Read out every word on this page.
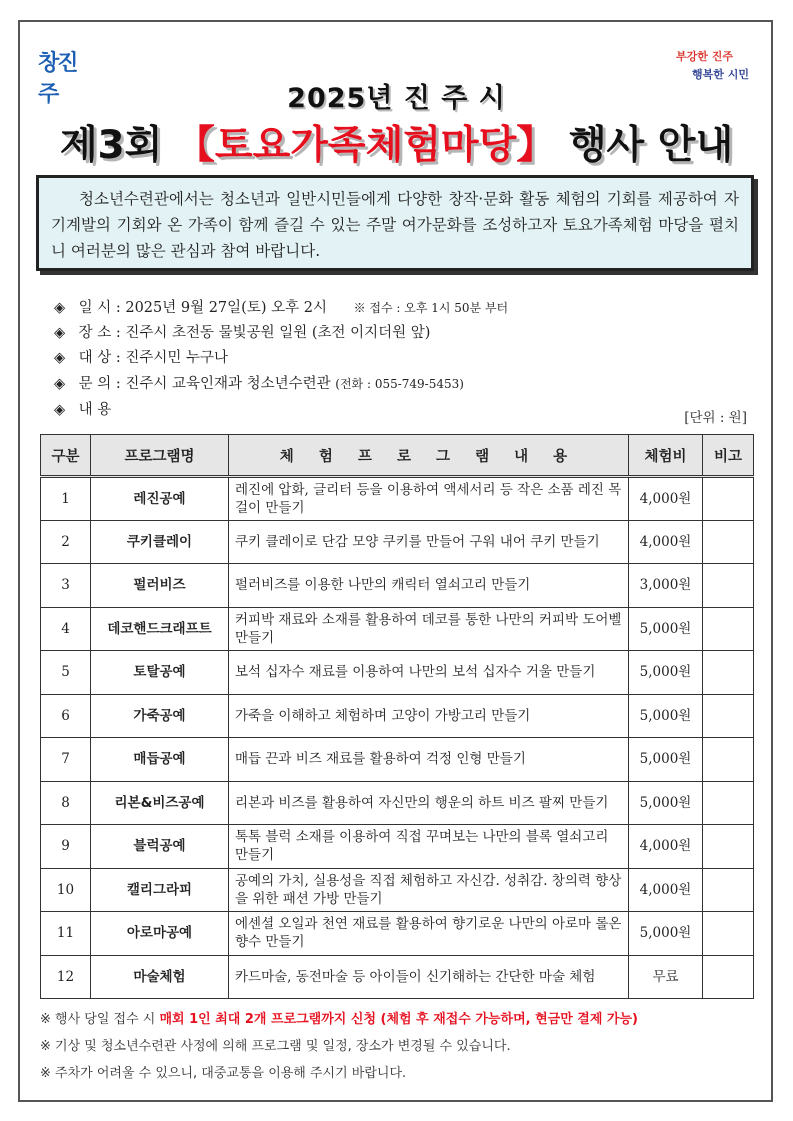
창진주
부강한 진주
행복한 시민
2025년 진 주 시
제3회 【토요가족체험마당】 행사 안내
청소년수련관에서는 청소년과 일반시민들에게 다양한 창작·문화 활동 체험의 기회를 제공하여 자기계발의 기회와 온 가족이 함께 즐길 수 있는 주말 여가문화를 조성하고자 토요가족체험 마당을 펼치니 여러분의 많은 관심과 참여 바랍니다.
◈ 일 시 : 2025년 9월 27일(토) 오후 2시 ※ 접수 : 오후 1시 50분 부터
◈ 장 소 : 진주시 초전동 물빛공원 일원 (초전 이지더원 앞)
◈ 대 상 : 진주시민 누구나
◈ 문 의 : 진주시 교육인재과 청소년수련관 (전화 : 055-749-5453)
◈ 내 용	[단위 : 원]
구분	프로그램명	체 험 프 로 그 램 내 용	체험비	비고
1	레진공예	레진에 압화, 글리터 등을 이용하여 액세서리 등 작은 소품 레진 목걸이 만들기	4,000원	
2	쿠키클레이	쿠키 클레이로 단감 모양 쿠키를 만들어 구워 내어 쿠키 만들기	4,000원	
3	펄러비즈	펄러비즈를 이용한 나만의 캐릭터 열쇠고리 만들기	3,000원	
4	데코핸드크래프트	커피박 재료와 소재를 활용하여 데코를 통한 나만의 커피박 도어벨 만들기	5,000원	
5	토탈공예	보석 십자수 재료를 이용하여 나만의 보석 십자수 거울 만들기	5,000원	
6	가죽공예	가죽을 이해하고 체험하며 고양이 가방고리 만들기	5,000원	
7	매듭공예	매듭 끈과 비즈 재료를 활용하여 걱정 인형 만들기	5,000원	
8	리본&비즈공예	리본과 비즈를 활용하여 자신만의 행운의 하트 비즈 팔찌 만들기	5,000원	
9	블럭공예	톡톡 블럭 소재를 이용하여 직접 꾸며보는 나만의 블록 열쇠고리 만들기	4,000원	
10	캘리그라피	공예의 가치, 실용성을 직접 체험하고 자신감. 성취감. 창의력 향상을 위한 패션 가방 만들기	4,000원	
11	아로마공예	에센셜 오일과 천연 재료를 활용하여 향기로운 나만의 아로마 롤온 향수 만들기	5,000원	
12	마술체험	카드마술, 동전마술 등 아이들이 신기해하는 간단한 마술 체험	무료	
※ 행사 당일 접수 시 매회 1인 최대 2개 프로그램까지 신청 (체험 후 재접수 가능하며, 현금만 결제 가능)
※ 기상 및 청소년수련관 사정에 의해 프로그램 및 일정, 장소가 변경될 수 있습니다.
※ 주차가 어려울 수 있으니, 대중교통을 이용해 주시기 바랍니다.
